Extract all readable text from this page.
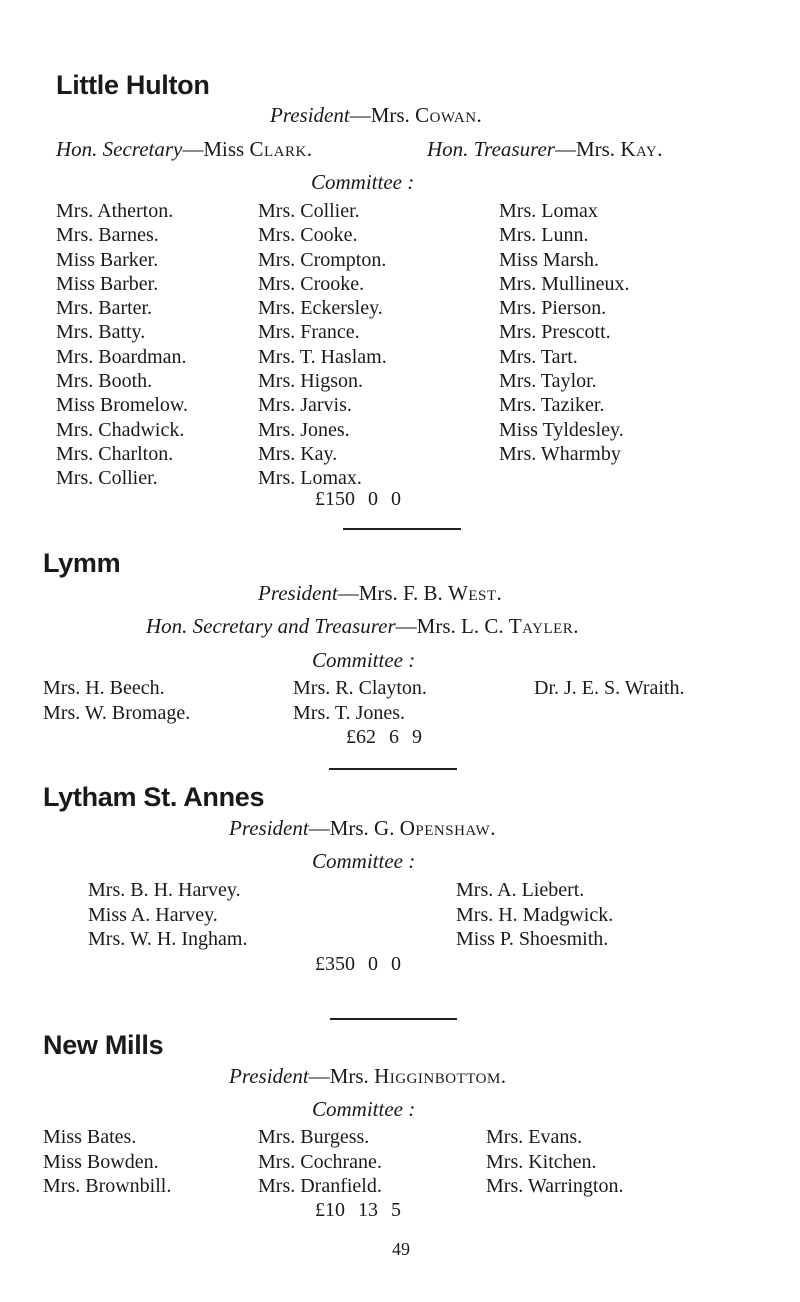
Little Hulton
President—Mrs. Cowan.
Hon. Secretary—Miss Clark.	Hon. Treasurer—Mrs. Kay.
Committee :
Mrs. Atherton.
Mrs. Barnes.
Miss Barker.
Miss Barber.
Mrs. Barter.
Mrs. Batty.
Mrs. Boardman.
Mrs. Booth.
Miss Bromelow.
Mrs. Chadwick.
Mrs. Charlton.
Mrs. Collier.
Mrs. Collier.
Mrs. Cooke.
Mrs. Crompton.
Mrs. Crooke.
Mrs. Eckersley.
Mrs. France.
Mrs. T. Haslam.
Mrs. Higson.
Mrs. Jarvis.
Mrs. Jones.
Mrs. Kay.
Mrs. Lomax.
Mrs. Lomax
Mrs. Lunn.
Miss Marsh.
Mrs. Mullineux.
Mrs. Pierson.
Mrs. Prescott.
Mrs. Tart.
Mrs. Taylor.
Mrs. Taziker.
Miss Tyldesley.
Mrs. Wharmby
£150 0 0
Lymm
President—Mrs. F. B. West.
Hon. Secretary and Treasurer—Mrs. L. C. Tayler.
Committee :
Mrs. H. Beech.
Mrs. W. Bromage.
Mrs. R. Clayton.
Mrs. T. Jones.
Dr. J. E. S. Wraith.
£62 6 9
Lytham St. Annes
President—Mrs. G. Openshaw.
Committee :
Mrs. B. H. Harvey.
Miss A. Harvey.
Mrs. W. H. Ingham.
Mrs. A. Liebert.
Mrs. H. Madgwick.
Miss P. Shoesmith.
£350 0 0
New Mills
President—Mrs. Higginbottom.
Committee :
Miss Bates.
Miss Bowden.
Mrs. Brownbill.
Mrs. Burgess.
Mrs. Cochrane.
Mrs. Dranfield.
Mrs. Evans.
Mrs. Kitchen.
Mrs. Warrington.
£10 13 5
49
